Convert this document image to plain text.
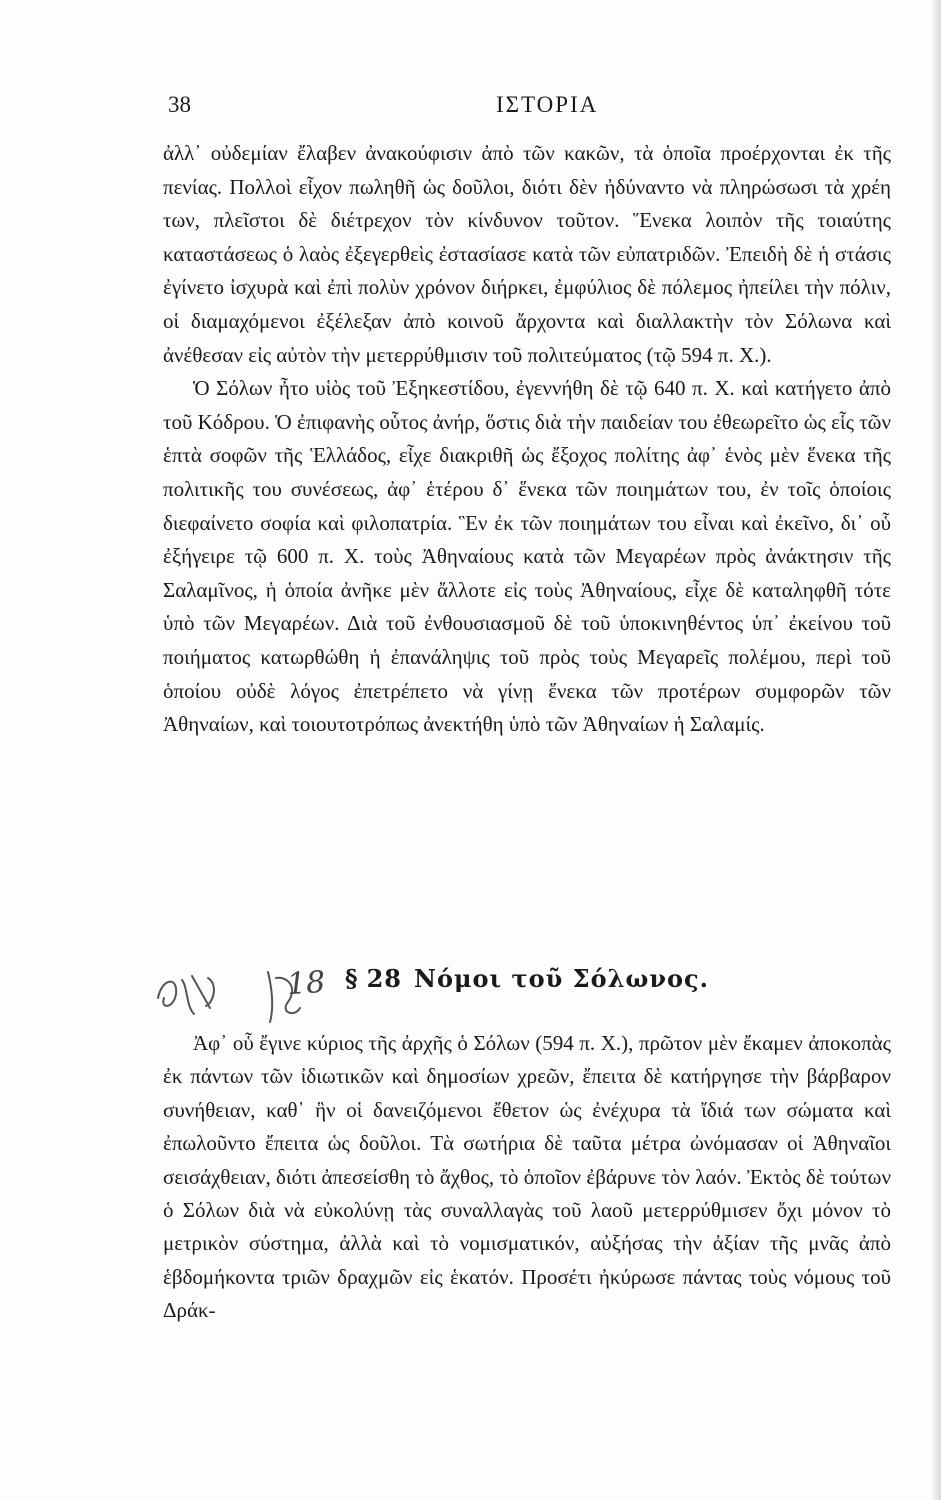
38	ΙΣΤΟΡΙΑ

ἀλλ᾽ οὐδεμίαν ἔλαβεν ἀνακούφισιν ἀπὸ τῶν κακῶν, τὰ ὁποῖα προέρχονται ἐκ τῆς πενίας. Πολλοὶ εἶχον πωληθῆ ὡς δοῦλοι, διότι δὲν ἠδύναντο νὰ πληρώσωσι τὰ χρέη των, πλεῖστοι δὲ διέτρεχον τὸν κίνδυνον τοῦτον. Ἕνεκα λοιπὸν τῆς τοιαύτης καταστάσεως ὁ λαὸς ἐξεγερθεὶς ἐστασίασε κατὰ τῶν εὐπατριδῶν. Ἐπειδὴ δὲ ἡ στάσις ἐγίνετο ἰσχυρὰ καὶ ἐπὶ πολὺν χρόνον διήρκει, ἐμφύλιος δὲ πόλεμος ἠπείλει τὴν πόλιν, οἱ διαμαχόμενοι ἐξέλεξαν ἀπὸ κοινοῦ ἄρχοντα καὶ διαλλακτὴν τὸν Σόλωνα καὶ ἀνέθεσαν εἰς αὐτὸν τὴν μετερρύθμισιν τοῦ πολιτεύματος (τῷ 594 π. Χ.).

Ὁ Σόλων ἦτο υἱὸς τοῦ Ἐξηκεστίδου, ἐγεννήθη δὲ τῷ 640 π. Χ. καὶ κατήγετο ἀπὸ τοῦ Κόδρου. Ὁ ἐπιφανὴς οὗτος ἀνήρ, ὅστις διὰ τὴν παιδείαν του ἐθεωρεῖτο ὡς εἷς τῶν ἑπτὰ σοφῶν τῆς Ἑλλάδος, εἶχε διακριθῆ ὡς ἔξοχος πολίτης ἀφ᾽ ἑνὸς μὲν ἕνεκα τῆς πολιτικῆς του συνέσεως, ἀφ᾽ ἑτέρου δ᾽ ἕνεκα τῶν ποιημάτων του, ἐν τοῖς ὁποίοις διεφαίνετο σοφία καὶ φιλοπατρία. Ἓν ἐκ τῶν ποιημάτων του εἶναι καὶ ἐκεῖνο, δι᾽ οὗ ἐξήγειρε τῷ 600 π. Χ. τοὺς Ἀθηναίους κατὰ τῶν Μεγαρέων πρὸς ἀνάκτησιν τῆς Σαλαμῖνος, ἡ ὁποία ἀνῆκε μὲν ἄλλοτε εἰς τοὺς Ἀθηναίους, εἶχε δὲ καταληφθῆ τότε ὑπὸ τῶν Μεγαρέων. Διὰ τοῦ ἐνθουσιασμοῦ δὲ τοῦ ὑποκινηθέντος ὑπ᾽ ἐκείνου τοῦ ποιήματος κατωρθώθη ἡ ἐπανάληψις τοῦ πρὸς τοὺς Μεγαρεῖς πολέμου, περὶ τοῦ ὁποίου οὐδὲ λόγος ἐπετρέπετο νὰ γίνῃ ἕνεκα τῶν προτέρων συμφορῶν τῶν Ἀθηναίων, καὶ τοιουτοτρόπως ἀνεκτήθη ὑπὸ τῶν Ἀθηναίων ἡ Σαλαμίς.

18 § 28 Νόμοι τοῦ Σόλωνος.

Ἀφ᾽ οὗ ἔγινε κύριος τῆς ἀρχῆς ὁ Σόλων (594 π. Χ.), πρῶτον μὲν ἔκαμεν ἀποκοπὰς ἐκ πάντων τῶν ἰδιωτικῶν καὶ δημοσίων χρεῶν, ἔπειτα δὲ κατήργησε τὴν βάρβαρον συνήθειαν, καθ᾽ ἣν οἱ δανειζόμενοι ἔθετον ὡς ἐνέχυρα τὰ ἴδιά των σώματα καὶ ἐπωλοῦντο ἔπειτα ὡς δοῦλοι. Τὰ σωτήρια δὲ ταῦτα μέτρα ὠνόμασαν οἱ Ἀθηναῖοι σεισάχθειαν, διότι ἀπεσείσθη τὸ ἄχθος, τὸ ὁποῖον ἐβάρυνε τὸν λαόν. Ἐκτὸς δὲ τούτων ὁ Σόλων διὰ νὰ εὐκολύνῃ τὰς συναλλαγὰς τοῦ λαοῦ μετερρύθμισεν ὄχι μόνον τὸ μετρικὸν σύστημα, ἀλλὰ καὶ τὸ νομισματικόν, αὐξήσας τὴν ἀξίαν τῆς μνᾶς ἀπὸ ἑβδομήκοντα τριῶν δραχμῶν εἰς ἑκατόν. Προσέτι ἠκύρωσε πάντας τοὺς νόμους τοῦ Δράκ-
